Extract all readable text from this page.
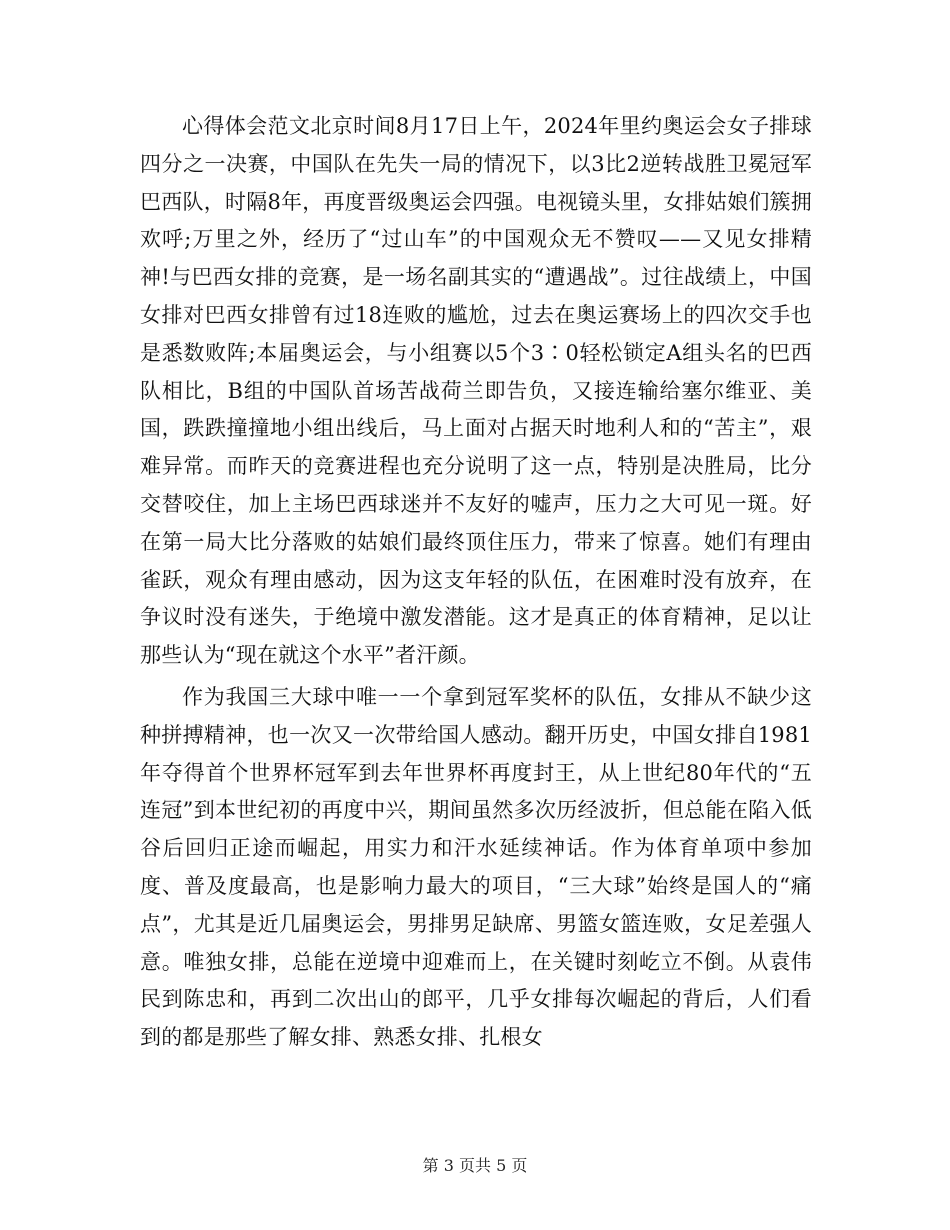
心得体会范文北京时间8月17日上午，2024年里约奥运会女子排球四分之一决赛，中国队在先失一局的情况下，以3比2逆转战胜卫冕冠军巴西队，时隔8年，再度晋级奥运会四强。电视镜头里，女排姑娘们簇拥欢呼;万里之外，经历了“过山车”的中国观众无不赞叹——又见女排精神!与巴西女排的竞赛，是一场名副其实的“遭遇战”。过往战绩上，中国女排对巴西女排曾有过18连败的尴尬，过去在奥运赛场上的四次交手也是悉数败阵;本届奥运会，与小组赛以5个3∶0轻松锁定A组头名的巴西队相比，B组的中国队首场苦战荷兰即告负，又接连输给塞尔维亚、美国，跌跌撞撞地小组出线后，马上面对占据天时地利人和的“苦主”，艰难异常。而昨天的竞赛进程也充分说明了这一点，特别是决胜局，比分交替咬住，加上主场巴西球迷并不友好的嘘声，压力之大可见一斑。好在第一局大比分落败的姑娘们最终顶住压力，带来了惊喜。她们有理由雀跃，观众有理由感动，因为这支年轻的队伍，在困难时没有放弃，在争议时没有迷失，于绝境中激发潜能。这才是真正的体育精神，足以让那些认为“现在就这个水平”者汗颜。

作为我国三大球中唯一一个拿到冠军奖杯的队伍，女排从不缺少这种拼搏精神，也一次又一次带给国人感动。翻开历史，中国女排自1981年夺得首个世界杯冠军到去年世界杯再度封王，从上世纪80年代的“五连冠”到本世纪初的再度中兴，期间虽然多次历经波折，但总能在陷入低谷后回归正途而崛起，用实力和汗水延续神话。作为体育单项中参加度、普及度最高，也是影响力最大的项目，“三大球”始终是国人的“痛点”，尤其是近几届奥运会，男排男足缺席、男篮女篮连败，女足差强人意。唯独女排，总能在逆境中迎难而上，在关键时刻屹立不倒。从袁伟民到陈忠和，再到二次出山的郎平，几乎女排每次崛起的背后，人们看到的都是那些了解女排、熟悉女排、扎根女

第 3 页共 5 页
